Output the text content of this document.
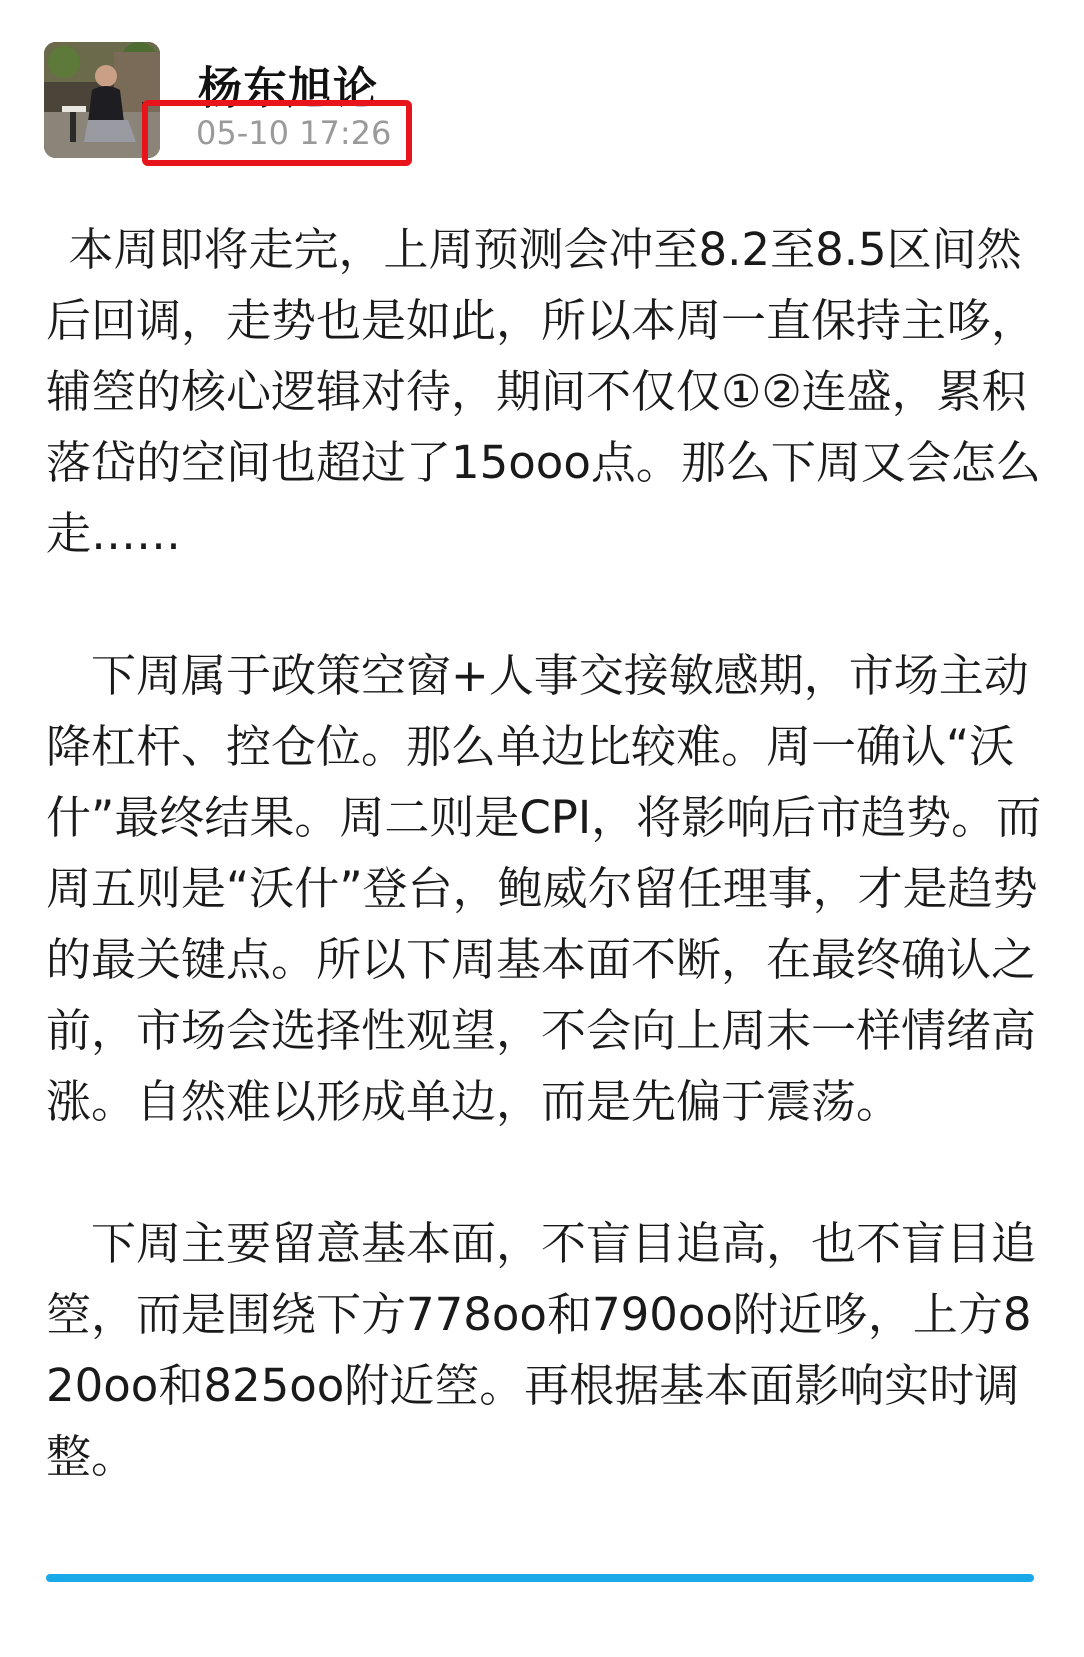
杨东旭论
05-10 17:26

本周即将走完，上周预测会冲至8.2至8.5区间然后回调，走势也是如此，所以本周一直保持主哆，辅箜的核心逻辑对待，期间不仅仅①②连盛，累积落岱的空间也超过了15ooo点。那么下周又会怎么走……

下周属于政策空窗+人事交接敏感期，市场主动降杠杆、控仓位。那么单边比较难。周一确认“沃什”最终结果。周二则是CPI，将影响后市趋势。而周五则是“沃什”登台，鲍威尔留任理事，才是趋势的最关键点。所以下周基本面不断，在最终确认之前，市场会选择性观望，不会向上周末一样情绪高涨。自然难以形成单边，而是先偏于震荡。

下周主要留意基本面，不盲目追高，也不盲目追箜，而是围绕下方778oo和790oo附近哆，上方820oo和825oo附近箜。再根据基本面影响实时调整。
